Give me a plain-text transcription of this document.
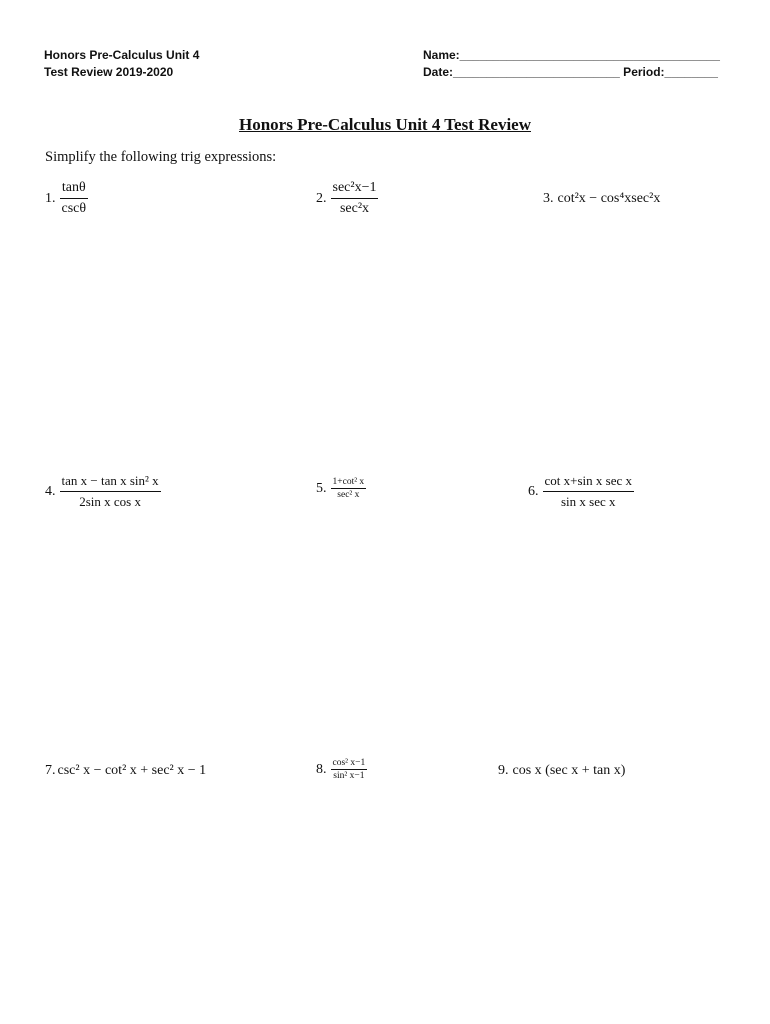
Honors Pre-Calculus Unit 4
Test Review 2019-2020
Name:_______________________________________
Date:_________________________ Period:________
Honors Pre-Calculus Unit 4 Test Review
Simplify the following trig expressions:
1. $\frac{\tan\theta}{\csc\theta}$	2. $\frac{\text{sec²x−1}}{\text{sec²x}}$	3. cot²x − cos⁴xsec²x
4. $\frac{\text{tan x − tan x sin² x}}{\text{2sin x cos x}}$	5. $\frac{\text{1+cot² x}}{\text{sec² x}}$	6. $\frac{\text{cot x+sin x sec x}}{\text{sin x sec x}}$
7. csc² x − cot² x + sec² x − 1	8. $\frac{\text{cos² x−1}}{\text{sin² x−1}}$	9. cos x (sec x + tan x)
